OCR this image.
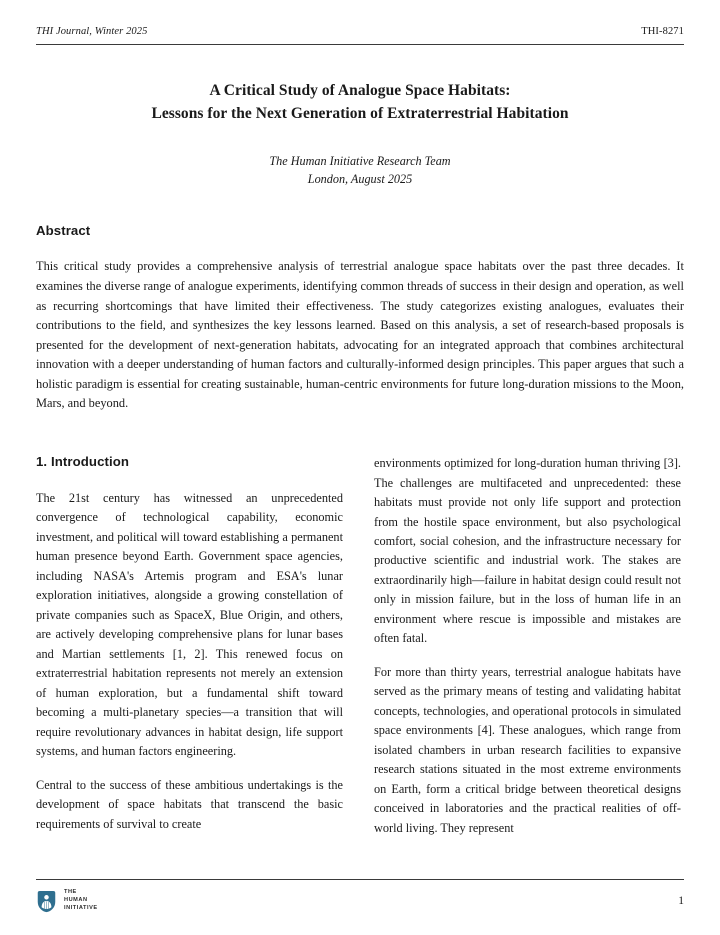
THI Journal, Winter 2025	THI-8271
A Critical Study of Analogue Space Habitats:
Lessons for the Next Generation of Extraterrestrial Habitation
The Human Initiative Research Team
London, August 2025
Abstract

This critical study provides a comprehensive analysis of terrestrial analogue space habitats over the past three decades. It examines the diverse range of analogue experiments, identifying common threads of success in their design and operation, as well as recurring shortcomings that have limited their effectiveness. The study categorizes existing analogues, evaluates their contributions to the field, and synthesizes the key lessons learned. Based on this analysis, a set of research-based proposals is presented for the development of next-generation habitats, advocating for an integrated approach that combines architectural innovation with a deeper understanding of human factors and culturally-informed design principles. This paper argues that such a holistic paradigm is essential for creating sustainable, human-centric environments for future long-duration missions to the Moon, Mars, and beyond.

1. Introduction

The 21st century has witnessed an unprecedented convergence of technological capability, economic investment, and political will toward establishing a permanent human presence beyond Earth. Government space agencies, including NASA's Artemis program and ESA's lunar exploration initiatives, alongside a growing constellation of private companies such as SpaceX, Blue Origin, and others, are actively developing comprehensive plans for lunar bases and Martian settlements [1, 2]. This renewed focus on extraterrestrial habitation represents not merely an extension of human exploration, but a fundamental shift toward becoming a multi-planetary species—a transition that will require revolutionary advances in habitat design, life support systems, and human factors engineering.

Central to the success of these ambitious undertakings is the development of space habitats that transcend the basic requirements of survival to create

environments optimized for long-duration human thriving [3]. The challenges are multifaceted and unprecedented: these habitats must provide not only life support and protection from the hostile space environment, but also psychological comfort, social cohesion, and the infrastructure necessary for productive scientific and industrial work. The stakes are extraordinarily high—failure in habitat design could result not only in mission failure, but in the loss of human life in an environment where rescue is impossible and mistakes are often fatal.

For more than thirty years, terrestrial analogue habitats have served as the primary means of testing and validating habitat concepts, technologies, and operational protocols in simulated space environments [4]. These analogues, which range from isolated chambers in urban research facilities to expansive research stations situated in the most extreme environments on Earth, form a critical bridge between theoretical designs conceived in laboratories and the practical realities of off-world living. They represent

THE
HUMAN
INITIATIVE
1
